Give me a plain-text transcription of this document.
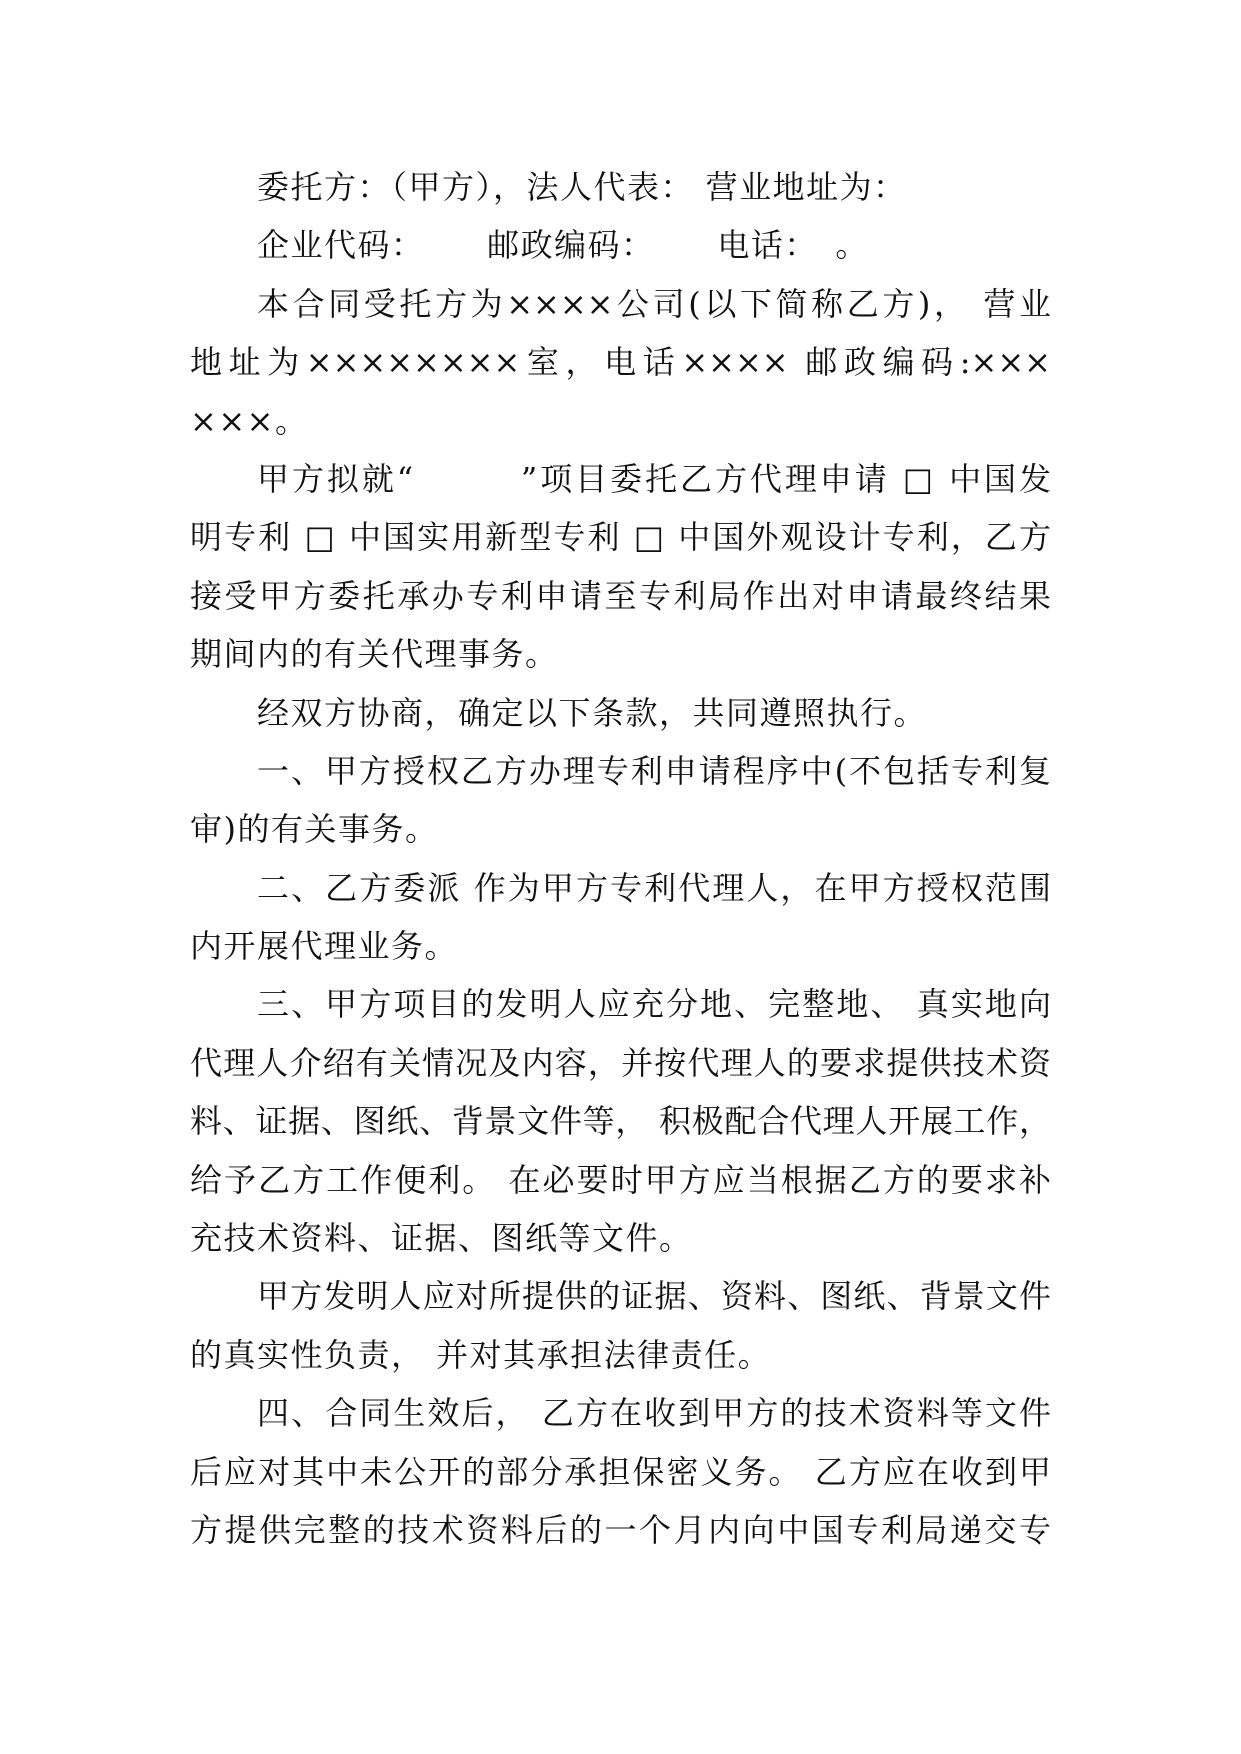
委托方：（甲方），法人代表： 营业地址为：
企业代码：　　 邮政编码：　　 电话：　。
本合同受托方为××××公司(以下简称乙方)， 营业
地址为××××××××室，电话×××× 邮政编码:×××
×××。
甲方拟就“　　　”项目委托乙方代理申请 □ 中国发
明专利 □ 中国实用新型专利 □ 中国外观设计专利，乙方
接受甲方委托承办专利申请至专利局作出对申请最终结果
期间内的有关代理事务。
经双方协商，确定以下条款，共同遵照执行。
一、甲方授权乙方办理专利申请程序中(不包括专利复
审)的有关事务。
二、乙方委派 作为甲方专利代理人，在甲方授权范围
内开展代理业务。
三、甲方项目的发明人应充分地、完整地、 真实地向
代理人介绍有关情况及内容，并按代理人的要求提供技术资
料、证据、图纸、背景文件等， 积极配合代理人开展工作，
给予乙方工作便利。 在必要时甲方应当根据乙方的要求补
充技术资料、证据、图纸等文件。
甲方发明人应对所提供的证据、资料、图纸、背景文件
的真实性负责， 并对其承担法律责任。
四、合同生效后， 乙方在收到甲方的技术资料等文件
后应对其中未公开的部分承担保密义务。 乙方应在收到甲
方提供完整的技术资料后的一个月内向中国专利局递交专
